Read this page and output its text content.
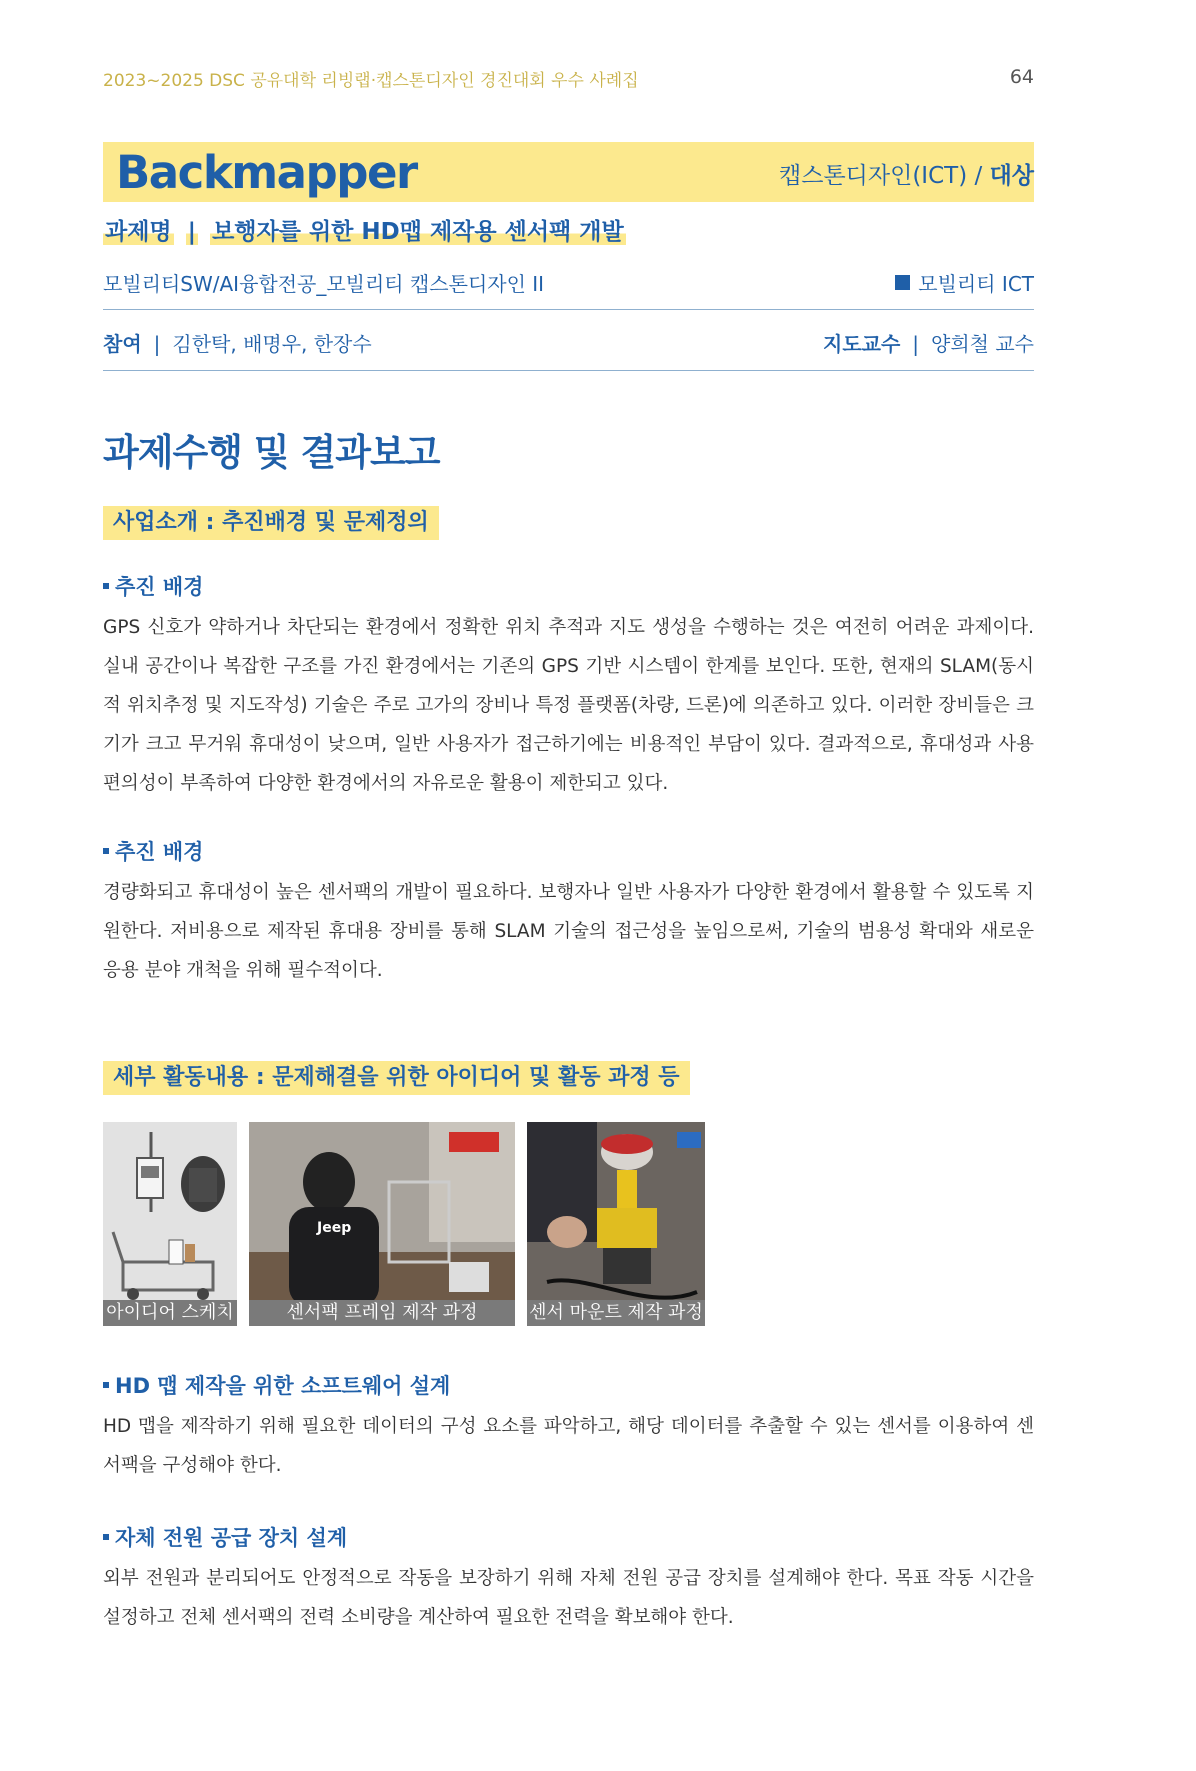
2023~2025 DSC 공유대학 리빙랩·캡스톤디자인 경진대회 우수 사례집	64
Backmapper	캡스톤디자인(ICT) / 대상
과제명 | 보행자를 위한 HD맵 제작용 센서팩 개발
모빌리티SW/AI융합전공_모빌리티 캡스톤디자인 II	모빌리티 ICT
참여 | 김한탁, 배명우, 한장수	지도교수 | 양희철 교수
과제수행 및 결과보고
사업소개 : 추진배경 및 문제정의
추진 배경
GPS 신호가 약하거나 차단되는 환경에서 정확한 위치 추적과 지도 생성을 수행하는 것은 여전히 어려운 과제이다. 실내 공간이나 복잡한 구조를 가진 환경에서는 기존의 GPS 기반 시스템이 한계를 보인다. 또한, 현재의 SLAM(동시적 위치추정 및 지도작성) 기술은 주로 고가의 장비나 특정 플랫폼(차량, 드론)에 의존하고 있다. 이러한 장비들은 크기가 크고 무거워 휴대성이 낮으며, 일반 사용자가 접근하기에는 비용적인 부담이 있다. 결과적으로, 휴대성과 사용 편의성이 부족하여 다양한 환경에서의 자유로운 활용이 제한되고 있다.
추진 배경
경량화되고 휴대성이 높은 센서팩의 개발이 필요하다. 보행자나 일반 사용자가 다양한 환경에서 활용할 수 있도록 지원한다. 저비용으로 제작된 휴대용 장비를 통해 SLAM 기술의 접근성을 높임으로써, 기술의 범용성 확대와 새로운 응용 분야 개척을 위해 필수적이다.
세부 활동내용 : 문제해결을 위한 아이디어 및 활동 과정 등
아이디어 스케치
Jeep
센서팩 프레임 제작 과정	센서 마운트 제작 과정
HD 맵 제작을 위한 소프트웨어 설계
HD 맵을 제작하기 위해 필요한 데이터의 구성 요소를 파악하고, 해당 데이터를 추출할 수 있는 센서를 이용하여 센서팩을 구성해야 한다.
자체 전원 공급 장치 설계
외부 전원과 분리되어도 안정적으로 작동을 보장하기 위해 자체 전원 공급 장치를 설계해야 한다. 목표 작동 시간을 설정하고 전체 센서팩의 전력 소비량을 계산하여 필요한 전력을 확보해야 한다.
